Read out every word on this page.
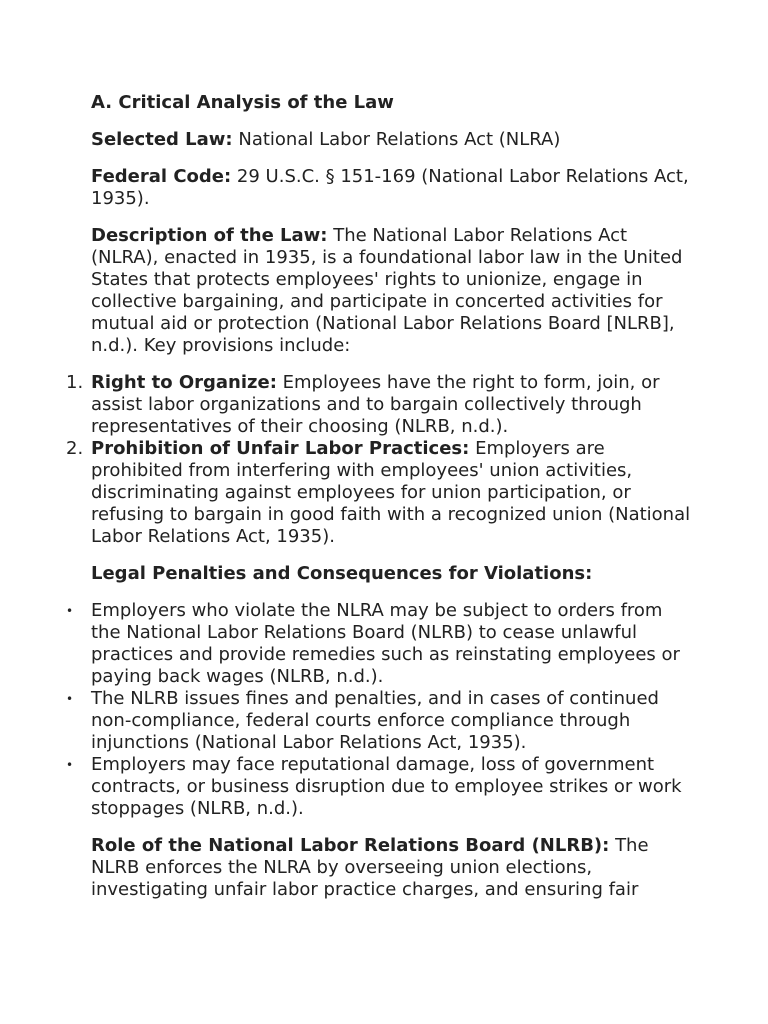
A. Critical Analysis of the Law

Selected Law: National Labor Relations Act (NLRA)

Federal Code: 29 U.S.C. § 151-169 (National Labor Relations Act, 1935).

Description of the Law: The National Labor Relations Act (NLRA), enacted in 1935, is a foundational labor law in the United States that protects employees' rights to unionize, engage in collective bargaining, and participate in concerted activities for mutual aid or protection (National Labor Relations Board [NLRB], n.d.). Key provisions include:

1. Right to Organize: Employees have the right to form, join, or assist labor organizations and to bargain collectively through representatives of their choosing (NLRB, n.d.).
2. Prohibition of Unfair Labor Practices: Employers are prohibited from interfering with employees' union activities, discriminating against employees for union participation, or refusing to bargain in good faith with a recognized union (National Labor Relations Act, 1935).

Legal Penalties and Consequences for Violations:

• Employers who violate the NLRA may be subject to orders from the National Labor Relations Board (NLRB) to cease unlawful practices and provide remedies such as reinstating employees or paying back wages (NLRB, n.d.).
• The NLRB issues fines and penalties, and in cases of continued non-compliance, federal courts enforce compliance through injunctions (National Labor Relations Act, 1935).
• Employers may face reputational damage, loss of government contracts, or business disruption due to employee strikes or work stoppages (NLRB, n.d.).

Role of the National Labor Relations Board (NLRB): The NLRB enforces the NLRA by overseeing union elections, investigating unfair labor practice charges, and ensuring fair
